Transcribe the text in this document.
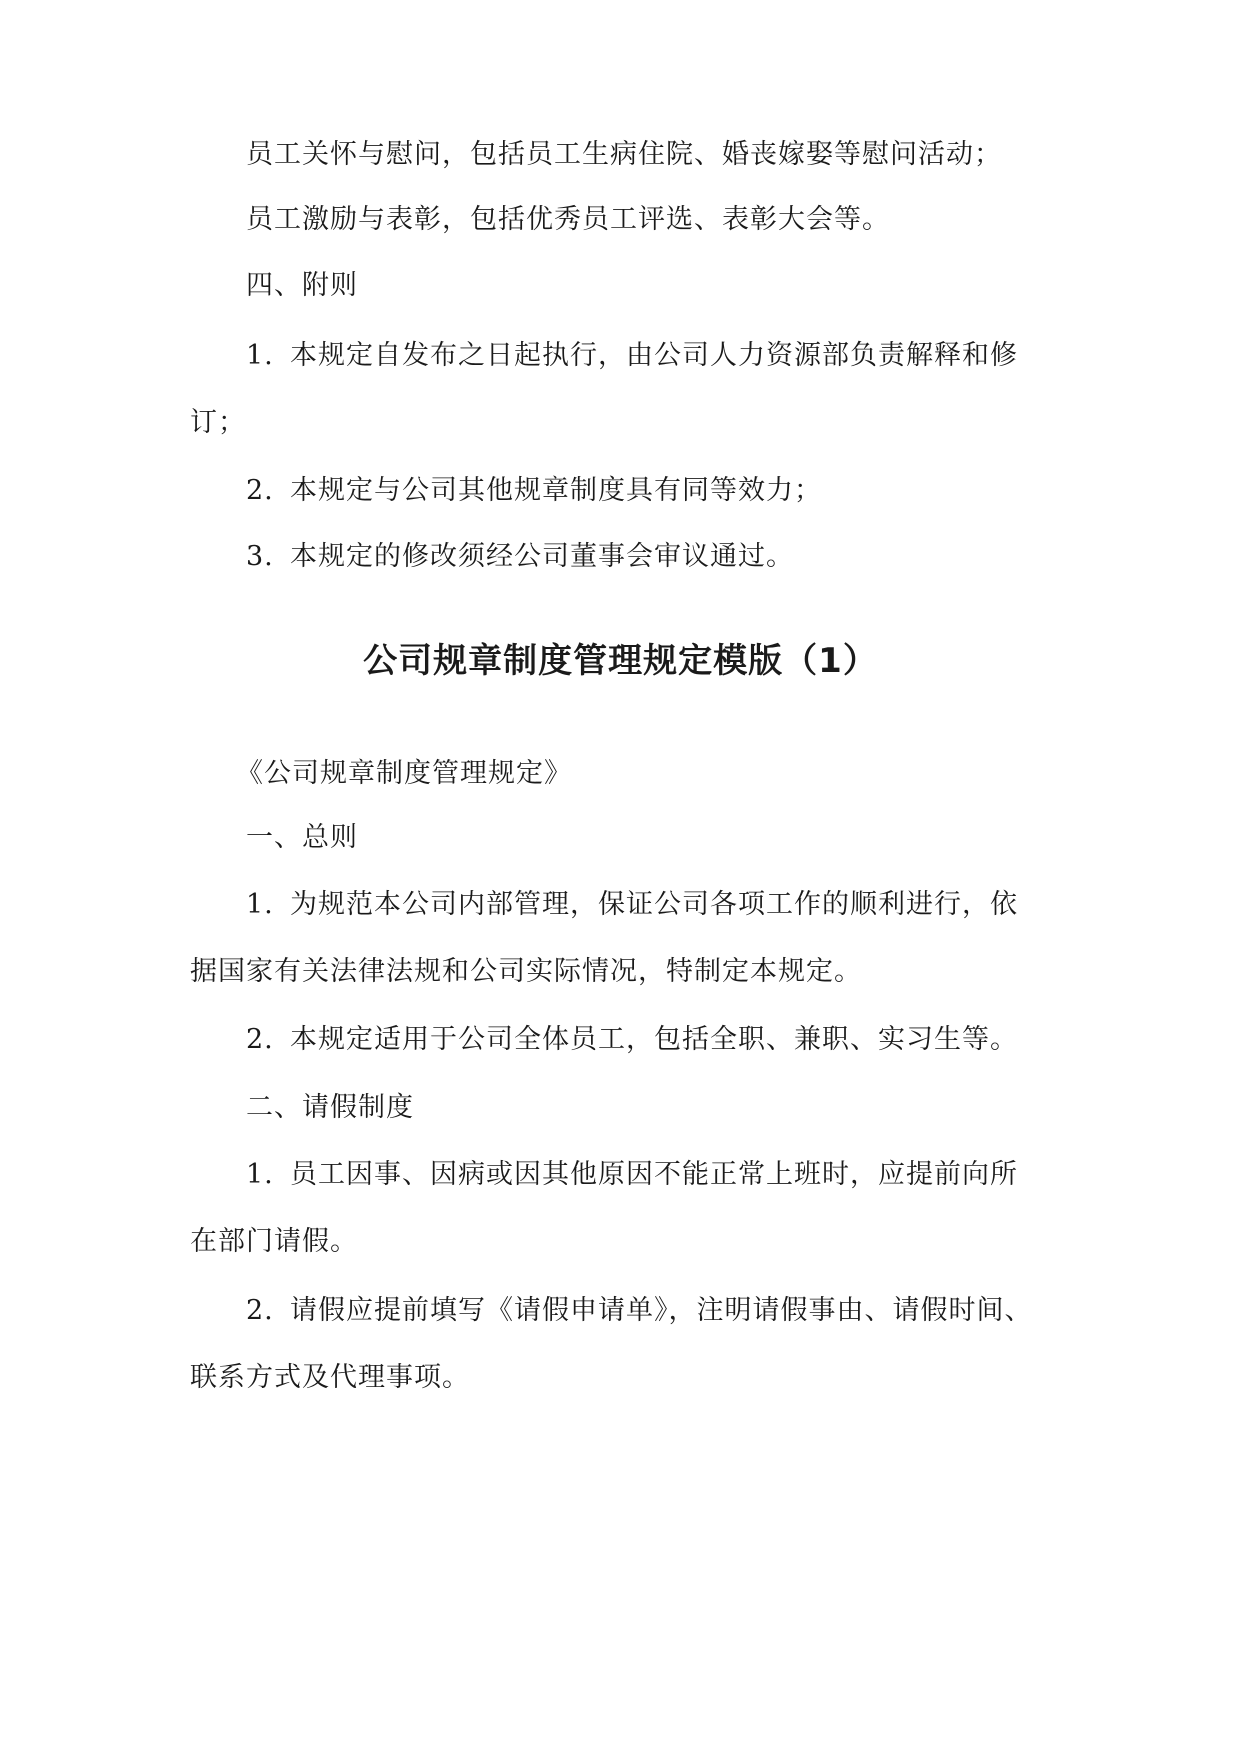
员工关怀与慰问，包括员工生病住院、婚丧嫁娶等慰问活动；
员工激励与表彰，包括优秀员工评选、表彰大会等。
四、附则
1. 本规定自发布之日起执行，由公司人力资源部负责解释和修
订；
2. 本规定与公司其他规章制度具有同等效力；
3. 本规定的修改须经公司董事会审议通过。
公司规章制度管理规定模版（1）
《公司规章制度管理规定》
一、总则
1. 为规范本公司内部管理，保证公司各项工作的顺利进行，依
据国家有关法律法规和公司实际情况，特制定本规定。
2. 本规定适用于公司全体员工，包括全职、兼职、实习生等。
二、请假制度
1. 员工因事、因病或因其他原因不能正常上班时，应提前向所
在部门请假。
2. 请假应提前填写《请假申请单》，注明请假事由、请假时间、
联系方式及代理事项。
